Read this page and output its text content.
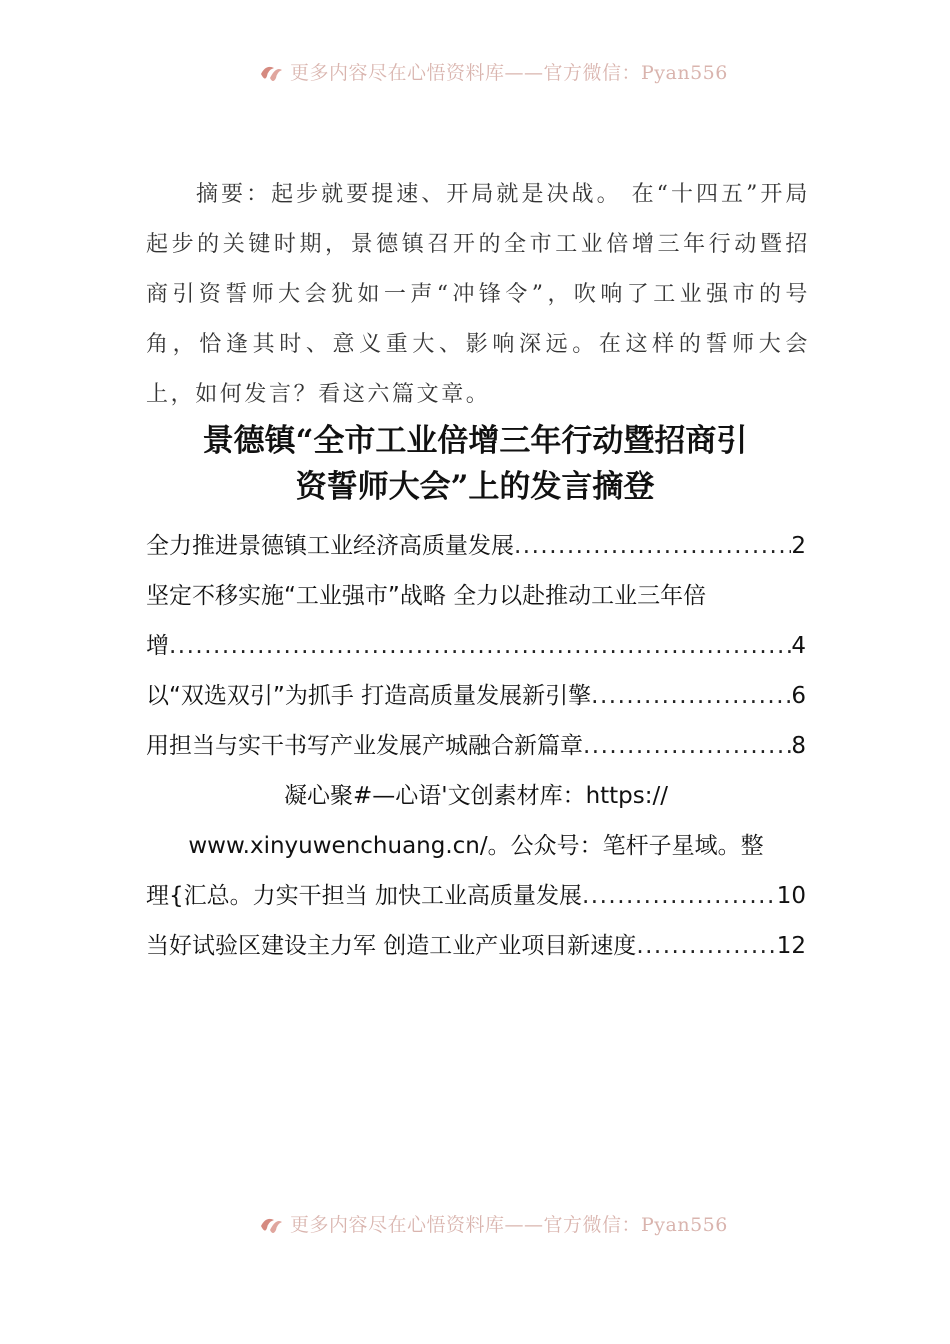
更多内容尽在心悟资料库——官方微信：Pyan556
摘要：起步就要提速、开局就是决战。 在“十四五”开局起步的关键时期，景德镇召开的全市工业倍增三年行动暨招商引资誓师大会犹如一声“冲锋令”，吹响了工业强市的号角，恰逢其时、意义重大、影响深远。在这样的誓师大会上，如何发言？看这六篇文章。
景德镇“全市工业倍增三年行动暨招商引
资誓师大会”上的发言摘登
全力推进景德镇工业经济高质量发展 .....	2
坚定不移实施“工业强市”战略 全力以赴推动工业三年倍
增 .....	4
以“双选双引”为抓手 打造高质量发展新引擎 .....	6
用担当与实干书写产业发展产城融合新篇章 .....	8
凝心聚#—心语'文创素材库：https://
www.xinyuwenchuang.cn/。公众号：笔杆子星域。整
理{汇总。力实干担当 加快工业高质量发展 .....	10
当好试验区建设主力军 创造工业产业项目新速度 .....	12
更多内容尽在心悟资料库——官方微信：Pyan556
